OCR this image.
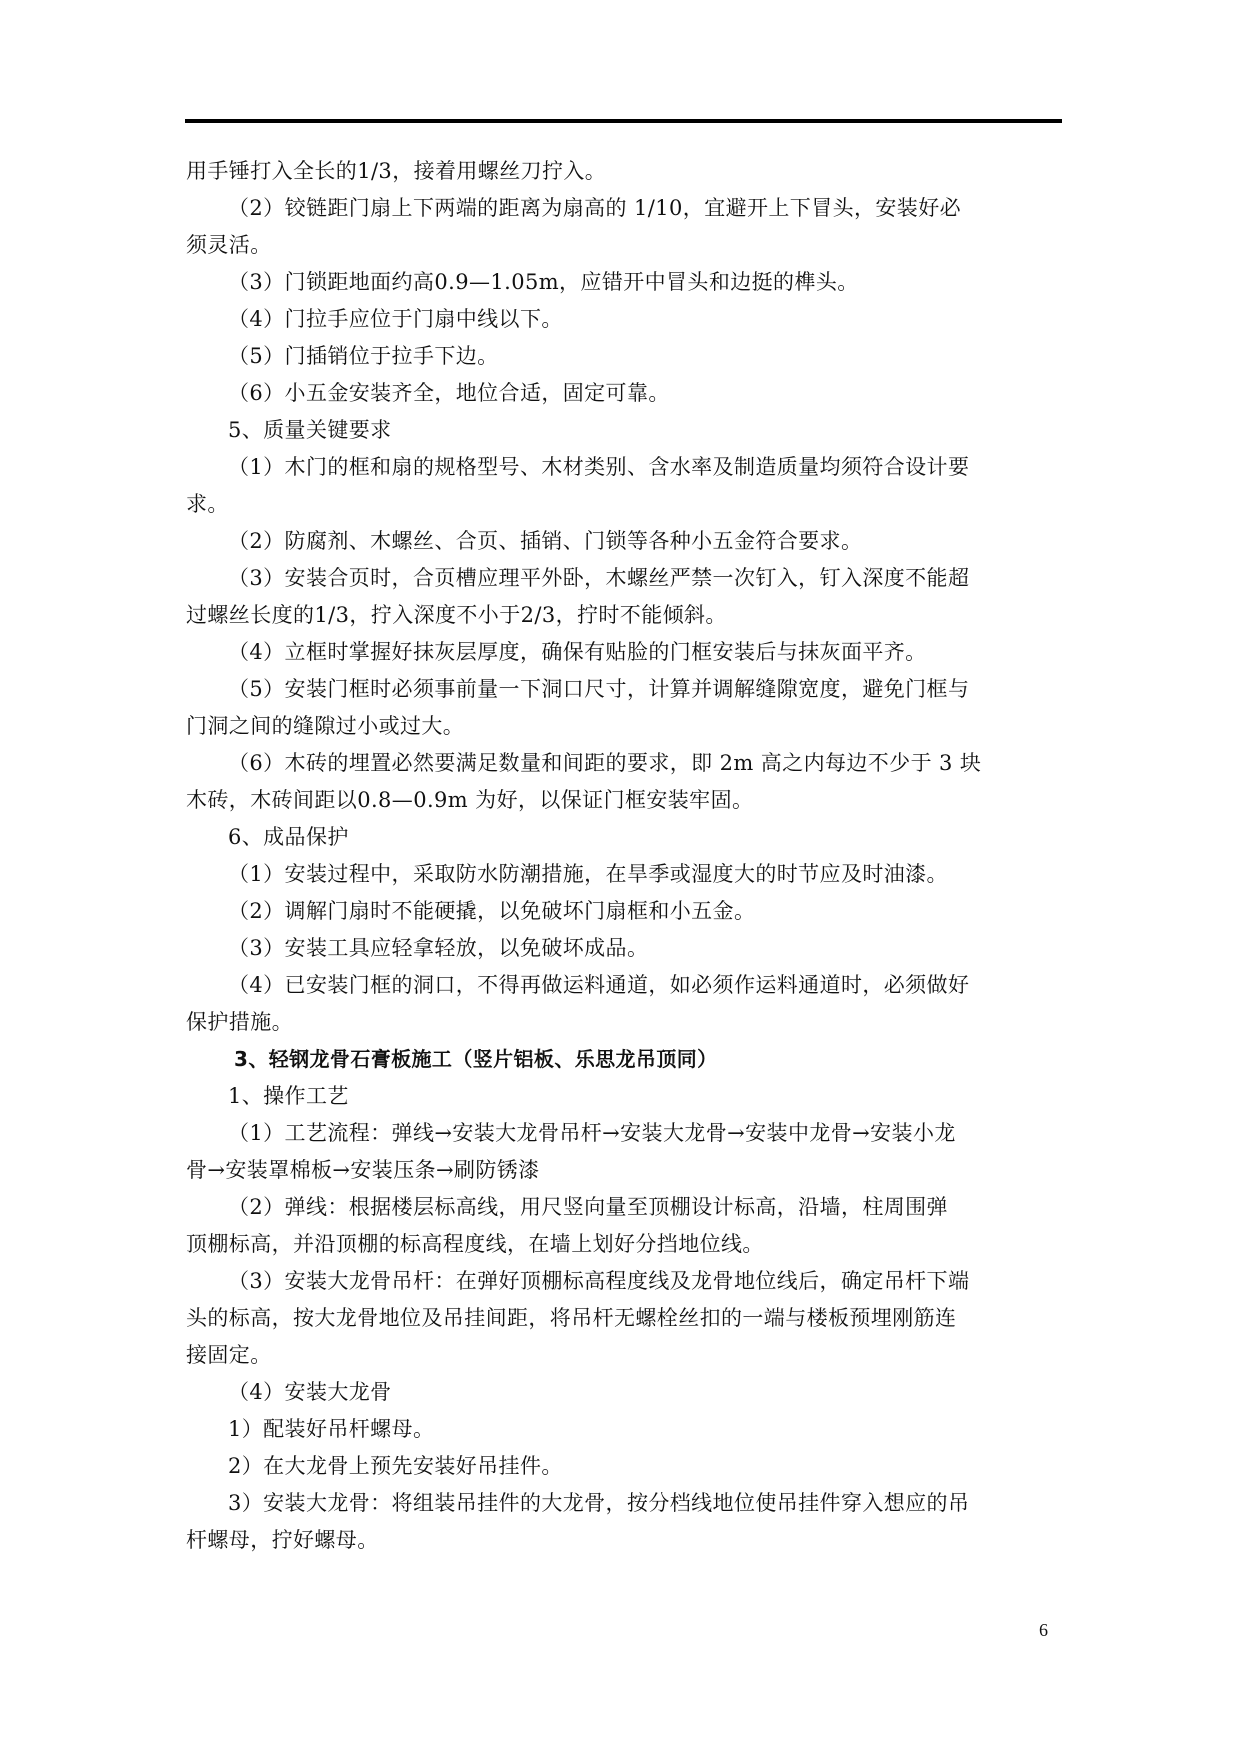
用手锤打入全长的1/3，接着用螺丝刀拧入。
（2）铰链距门扇上下两端的距离为扇高的 1/10，宜避开上下冒头，安装好必
须灵活。
（3）门锁距地面约高0.9—1.05m，应错开中冒头和边挺的榫头。
（4）门拉手应位于门扇中线以下。
（5）门插销位于拉手下边。
（6）小五金安装齐全，地位合适，固定可靠。
5、质量关键要求
（1）木门的框和扇的规格型号、木材类别、含水率及制造质量均须符合设计要
求。
（2）防腐剂、木螺丝、合页、插销、门锁等各种小五金符合要求。
（3）安装合页时，合页槽应理平外卧，木螺丝严禁一次钉入，钉入深度不能超
过螺丝长度的1/3，拧入深度不小于2/3，拧时不能倾斜。
（4）立框时掌握好抹灰层厚度，确保有贴脸的门框安装后与抹灰面平齐。
（5）安装门框时必须事前量一下洞口尺寸，计算并调解缝隙宽度，避免门框与
门洞之间的缝隙过小或过大。
（6）木砖的埋置必然要满足数量和间距的要求，即 2m 高之内每边不少于 3 块
木砖，木砖间距以0.8—0.9m 为好，以保证门框安装牢固。
6、成品保护
（1）安装过程中，采取防水防潮措施，在旱季或湿度大的时节应及时油漆。
（2）调解门扇时不能硬撬，以免破坏门扇框和小五金。
（3）安装工具应轻拿轻放，以免破坏成品。
（4）已安装门框的洞口，不得再做运料通道，如必须作运料通道时，必须做好
保护措施。
3、轻钢龙骨石膏板施工（竖片铝板、乐思龙吊顶同）
1、操作工艺
（1）工艺流程：弹线→安装大龙骨吊杆→安装大龙骨→安装中龙骨→安装小龙
骨→安装罩棉板→安装压条→刷防锈漆
（2）弹线：根据楼层标高线，用尺竖向量至顶棚设计标高，沿墙，柱周围弹
顶棚标高，并沿顶棚的标高程度线，在墙上划好分挡地位线。
（3）安装大龙骨吊杆：在弹好顶棚标高程度线及龙骨地位线后，确定吊杆下端
头的标高，按大龙骨地位及吊挂间距，将吊杆无螺栓丝扣的一端与楼板预埋刚筋连
接固定。
（4）安装大龙骨
1）配装好吊杆螺母。
2）在大龙骨上预先安装好吊挂件。
3）安装大龙骨：将组装吊挂件的大龙骨，按分档线地位使吊挂件穿入想应的吊
杆螺母，拧好螺母。
6
